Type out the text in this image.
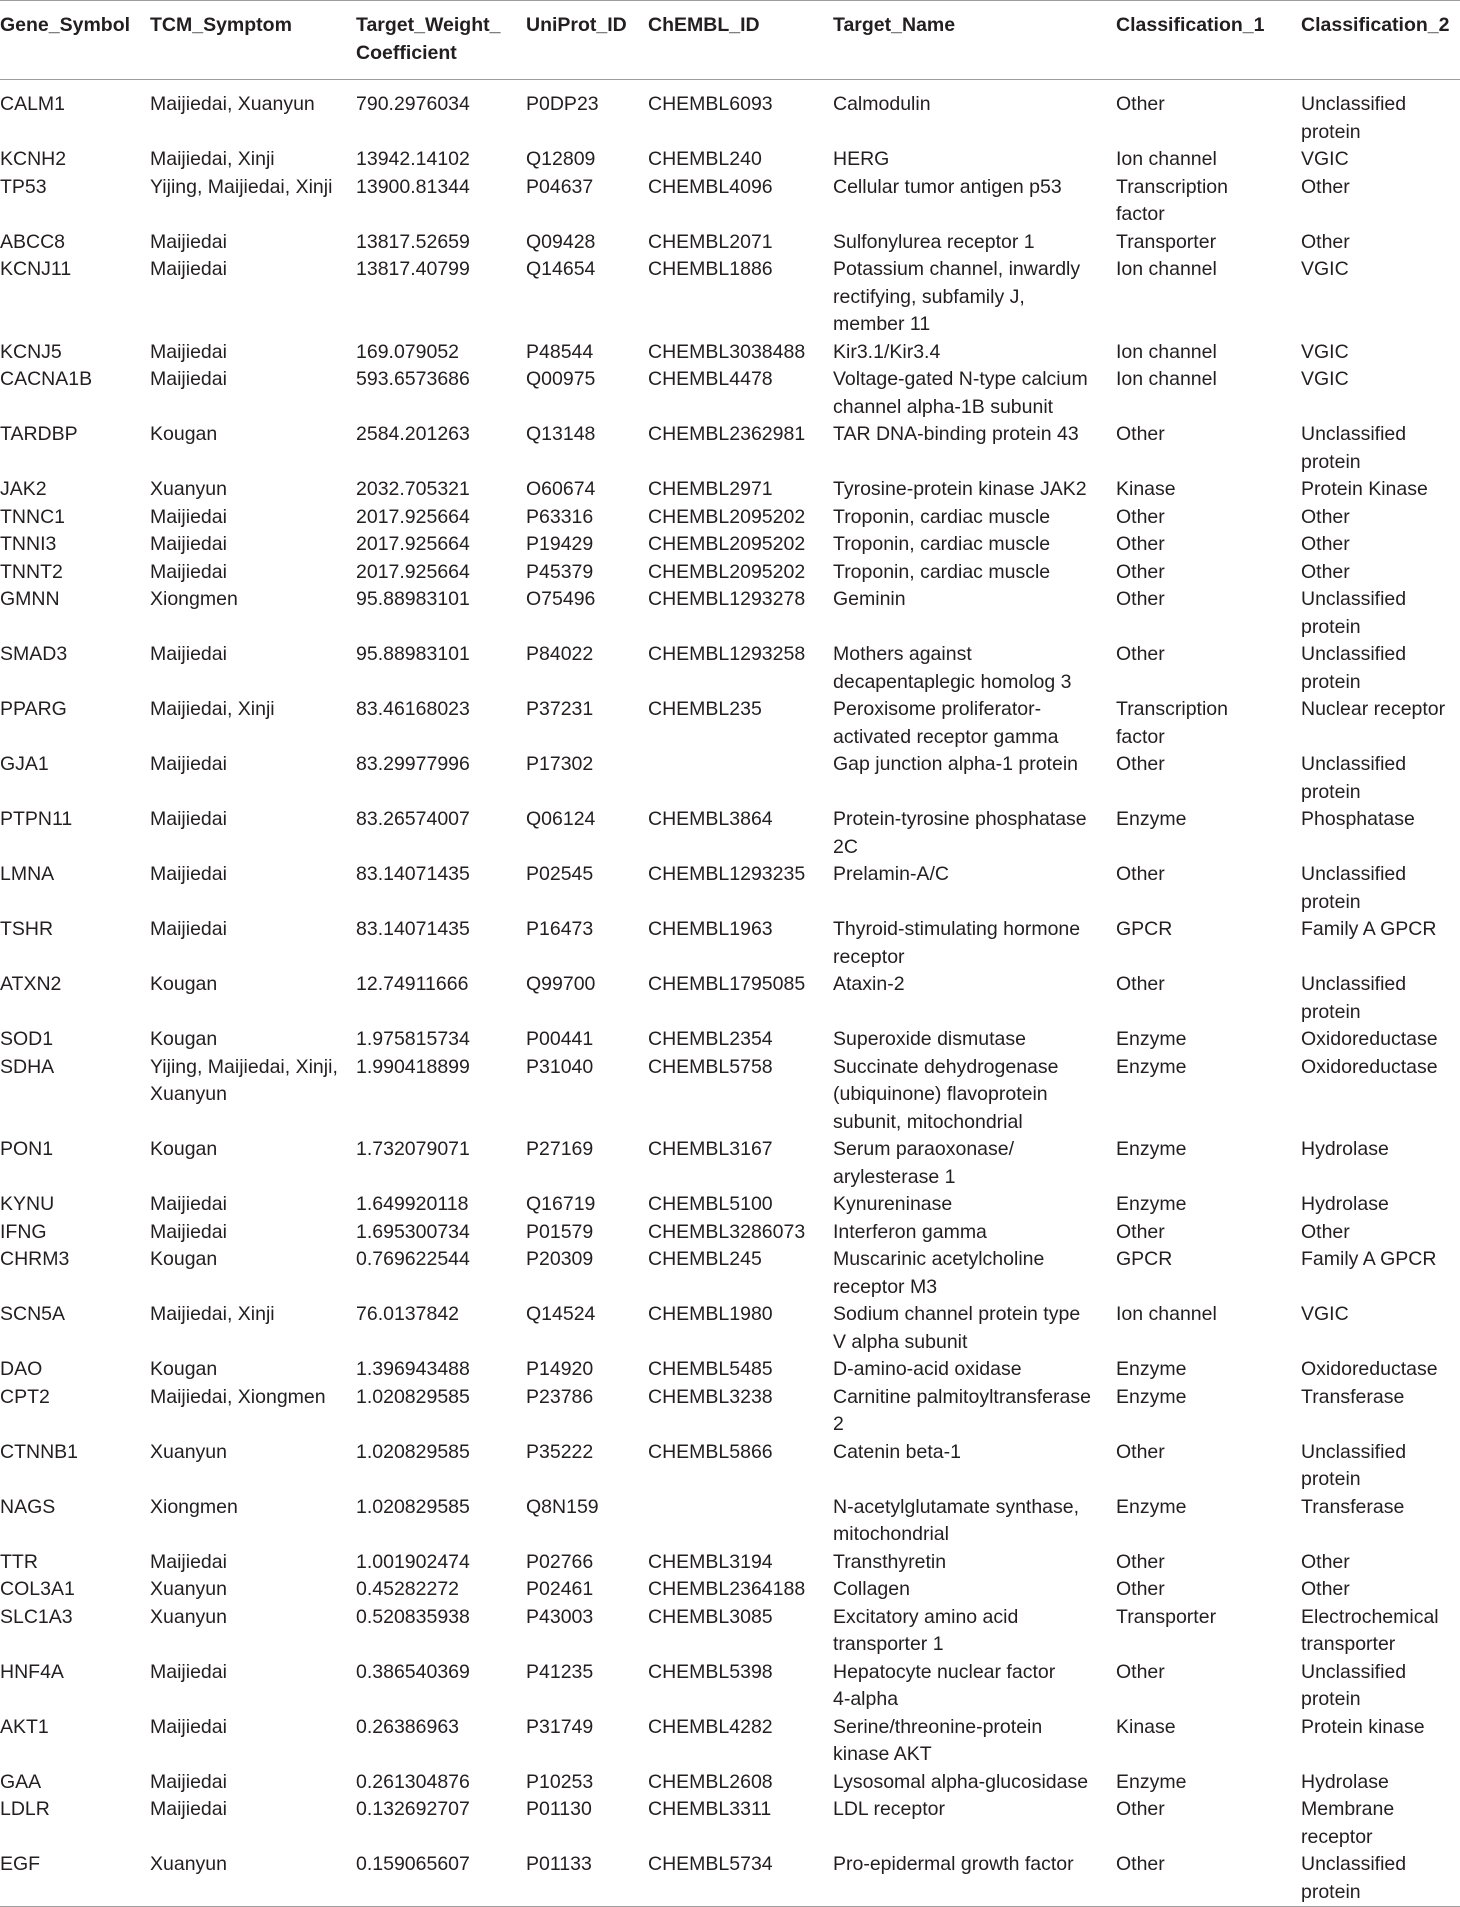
Gene_Symbol	TCM_Symptom	Target_Weight_
Coefficient	UniProt_ID	ChEMBL_ID	Target_Name	Classification_1	Classification_2
CALM1	Maijiedai, Xuanyun	790.2976034	P0DP23	CHEMBL6093	Calmodulin	Other	Unclassified
protein
KCNH2	Maijiedai, Xinji	13942.14102	Q12809	CHEMBL240	HERG	Ion channel	VGIC
TP53	Yijing, Maijiedai, Xinji	13900.81344	P04637	CHEMBL4096	Cellular tumor antigen p53	Transcription
factor	Other
ABCC8	Maijiedai	13817.52659	Q09428	CHEMBL2071	Sulfonylurea receptor 1	Transporter	Other
KCNJ11	Maijiedai	13817.40799	Q14654	CHEMBL1886	Potassium channel, inwardly
rectifying, subfamily J,
member 11	Ion channel	VGIC
KCNJ5	Maijiedai	169.079052	P48544	CHEMBL3038488	Kir3.1/Kir3.4	Ion channel	VGIC
CACNA1B	Maijiedai	593.6573686	Q00975	CHEMBL4478	Voltage-gated N-type calcium
channel alpha-1B subunit	Ion channel	VGIC
TARDBP	Kougan	2584.201263	Q13148	CHEMBL2362981	TAR DNA-binding protein 43	Other	Unclassified
protein
JAK2	Xuanyun	2032.705321	O60674	CHEMBL2971	Tyrosine-protein kinase JAK2	Kinase	Protein Kinase
TNNC1	Maijiedai	2017.925664	P63316	CHEMBL2095202	Troponin, cardiac muscle	Other	Other
TNNI3	Maijiedai	2017.925664	P19429	CHEMBL2095202	Troponin, cardiac muscle	Other	Other
TNNT2	Maijiedai	2017.925664	P45379	CHEMBL2095202	Troponin, cardiac muscle	Other	Other
GMNN	Xiongmen	95.88983101	O75496	CHEMBL1293278	Geminin	Other	Unclassified
protein
SMAD3	Maijiedai	95.88983101	P84022	CHEMBL1293258	Mothers against
decapentaplegic homolog 3	Other	Unclassified
protein
PPARG	Maijiedai, Xinji	83.46168023	P37231	CHEMBL235	Peroxisome proliferator-
activated receptor gamma	Transcription
factor	Nuclear receptor
GJA1	Maijiedai	83.29977996	P17302		Gap junction alpha-1 protein	Other	Unclassified
protein
PTPN11	Maijiedai	83.26574007	Q06124	CHEMBL3864	Protein-tyrosine phosphatase
2C	Enzyme	Phosphatase
LMNA	Maijiedai	83.14071435	P02545	CHEMBL1293235	Prelamin-A/C	Other	Unclassified
protein
TSHR	Maijiedai	83.14071435	P16473	CHEMBL1963	Thyroid-stimulating hormone
receptor	GPCR	Family A GPCR
ATXN2	Kougan	12.74911666	Q99700	CHEMBL1795085	Ataxin-2	Other	Unclassified
protein
SOD1	Kougan	1.975815734	P00441	CHEMBL2354	Superoxide dismutase	Enzyme	Oxidoreductase
SDHA	Yijing, Maijiedai, Xinji,
Xuanyun	1.990418899	P31040	CHEMBL5758	Succinate dehydrogenase
(ubiquinone) flavoprotein
subunit, mitochondrial	Enzyme	Oxidoreductase
PON1	Kougan	1.732079071	P27169	CHEMBL3167	Serum paraoxonase/
arylesterase 1	Enzyme	Hydrolase
KYNU	Maijiedai	1.649920118	Q16719	CHEMBL5100	Kynureninase	Enzyme	Hydrolase
IFNG	Maijiedai	1.695300734	P01579	CHEMBL3286073	Interferon gamma	Other	Other
CHRM3	Kougan	0.769622544	P20309	CHEMBL245	Muscarinic acetylcholine
receptor M3	GPCR	Family A GPCR
SCN5A	Maijiedai, Xinji	76.0137842	Q14524	CHEMBL1980	Sodium channel protein type
V alpha subunit	Ion channel	VGIC
DAO	Kougan	1.396943488	P14920	CHEMBL5485	D-amino-acid oxidase	Enzyme	Oxidoreductase
CPT2	Maijiedai, Xiongmen	1.020829585	P23786	CHEMBL3238	Carnitine palmitoyltransferase
2	Enzyme	Transferase
CTNNB1	Xuanyun	1.020829585	P35222	CHEMBL5866	Catenin beta-1	Other	Unclassified
protein
NAGS	Xiongmen	1.020829585	Q8N159		N-acetylglutamate synthase,
mitochondrial	Enzyme	Transferase
TTR	Maijiedai	1.001902474	P02766	CHEMBL3194	Transthyretin	Other	Other
COL3A1	Xuanyun	0.45282272	P02461	CHEMBL2364188	Collagen	Other	Other
SLC1A3	Xuanyun	0.520835938	P43003	CHEMBL3085	Excitatory amino acid
transporter 1	Transporter	Electrochemical
transporter
HNF4A	Maijiedai	0.386540369	P41235	CHEMBL5398	Hepatocyte nuclear factor
4-alpha	Other	Unclassified
protein
AKT1	Maijiedai	0.26386963	P31749	CHEMBL4282	Serine/threonine-protein
kinase AKT	Kinase	Protein kinase
GAA	Maijiedai	0.261304876	P10253	CHEMBL2608	Lysosomal alpha-glucosidase	Enzyme	Hydrolase
LDLR	Maijiedai	0.132692707	P01130	CHEMBL3311	LDL receptor	Other	Membrane
receptor
EGF	Xuanyun	0.159065607	P01133	CHEMBL5734	Pro-epidermal growth factor	Other	Unclassified
protein
